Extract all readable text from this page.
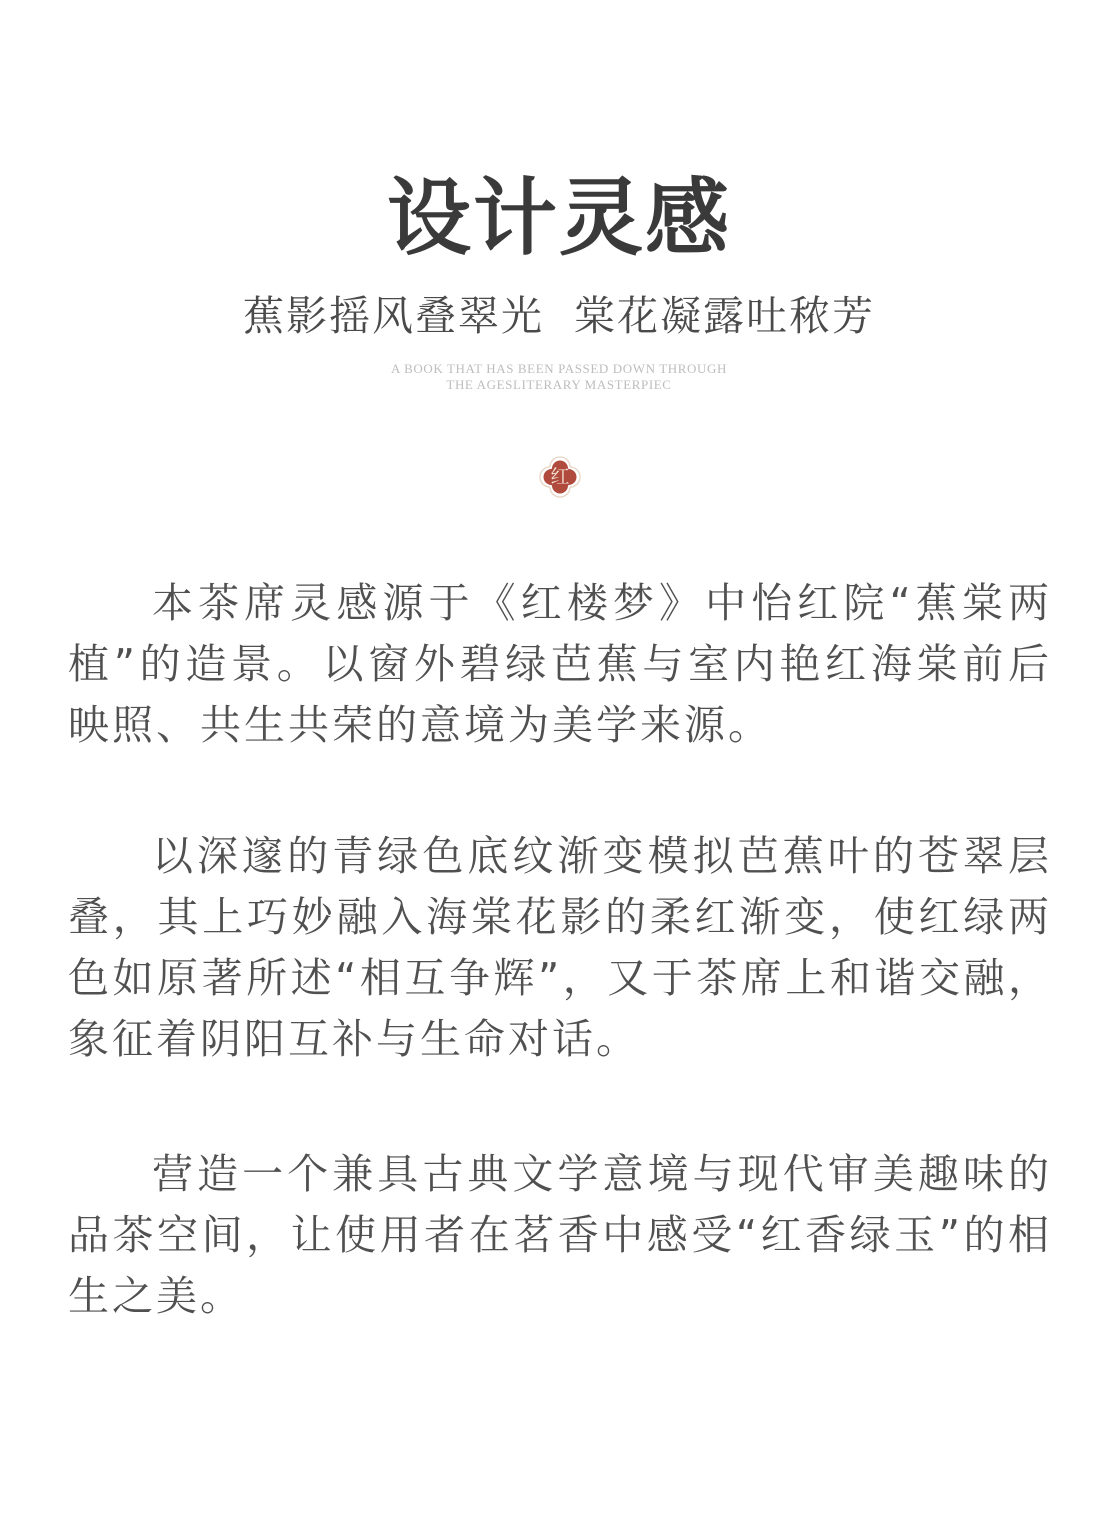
设计灵感
蕉影摇风叠翠光 棠花凝露吐秾芳
A BOOK THAT HAS BEEN PASSED DOWN THROUGH
THE AGESLITERARY MASTERPIEC
红

本茶席灵感源于《红楼梦》中怡红院“蕉棠两植”的造景。以窗外碧绿芭蕉与室内艳红海棠前后映照、共生共荣的意境为美学来源。

以深邃的青绿色底纹渐变模拟芭蕉叶的苍翠层叠，其上巧妙融入海棠花影的柔红渐变，使红绿两色如原著所述“相互争辉”，又于茶席上和谐交融，象征着阴阳互补与生命对话。

营造一个兼具古典文学意境与现代审美趣味的品茶空间，让使用者在茗香中感受“红香绿玉”的相生之美。
